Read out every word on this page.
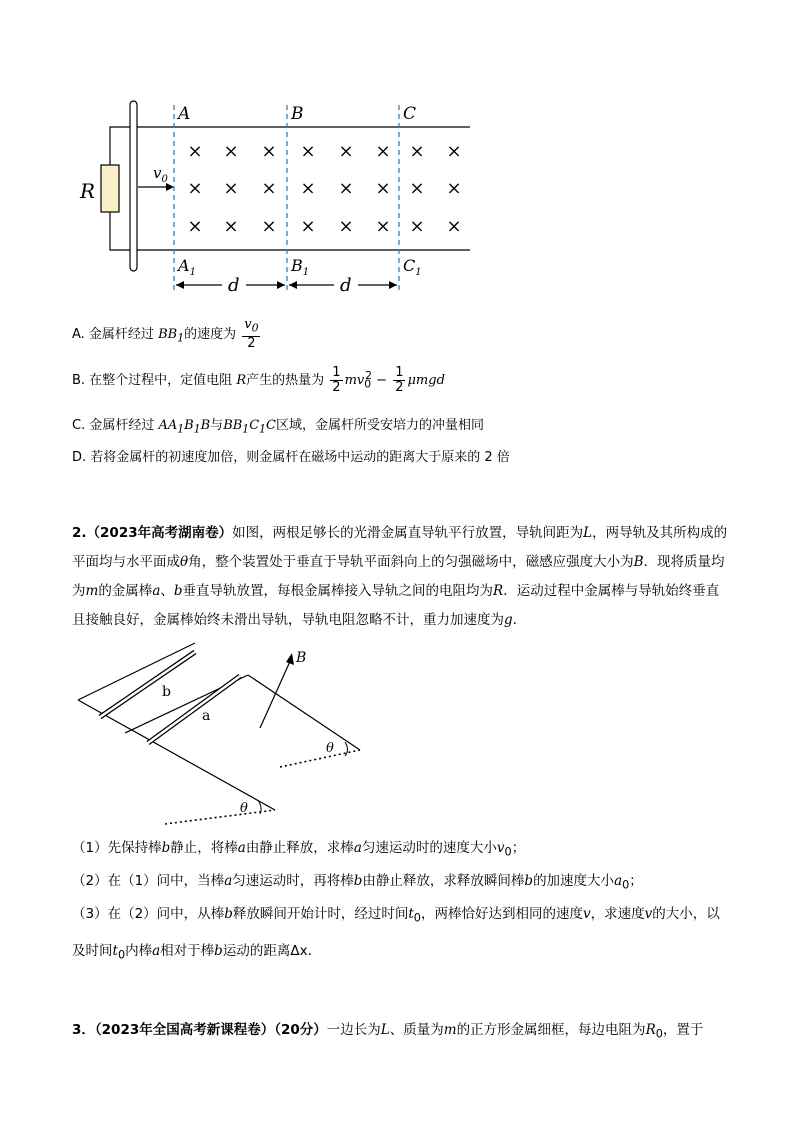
R
$v_0$
A	B	C
$A_1$	$B_1$	$C_1$
× × × × × × × ×
× × × × × × × ×
× × × × × × × ×
d	d
A. 金属杆经过 $BB_1$的速度为 $\frac{v_0}{2}$
B. 在整个过程中，定值电阻 R产生的热量为 $\frac{1}{2} mv_0^2 - \frac{1}{2}$ μmgd
C. 金属杆经过 $AA_1B_1B$与$BB_1C_1C$区域，金属杆所受安培力的冲量相同
D. 若将金属杆的初速度加倍，则金属杆在磁场中运动的距离大于原来的 2 倍
2.（2023年高考湖南卷）如图，两根足够长的光滑金属直导轨平行放置，导轨间距为L，两导轨及其所构成的平面均与水平面成θ角，整个装置处于垂直于导轨平面斜向上的匀强磁场中，磁感应强度大小为B．现将质量均为m的金属棒a、b垂直导轨放置，每根金属棒接入导轨之间的电阻均为R．运动过程中金属棒与导轨始终垂直且接触良好，金属棒始终未滑出导轨，导轨电阻忽略不计，重力加速度为g．
b
a
B
θ
θ
（1）先保持棒b静止，将棒a由静止释放，求棒a匀速运动时的速度大小$v_0$；
（2）在（1）问中，当棒a匀速运动时，再将棒b由静止释放，求释放瞬间棒b的加速度大小$a_0$；
（3）在（2）问中，从棒b释放瞬间开始计时，经过时间$t_0$，两棒恰好达到相同的速度v，求速度v的大小，以及时间$t_0$内棒a相对于棒b运动的距离Δx．
3．（2023年全国高考新课程卷）（20分）一边长为L、质量为m的正方形金属细框，每边电阻为$R_0$，置于
